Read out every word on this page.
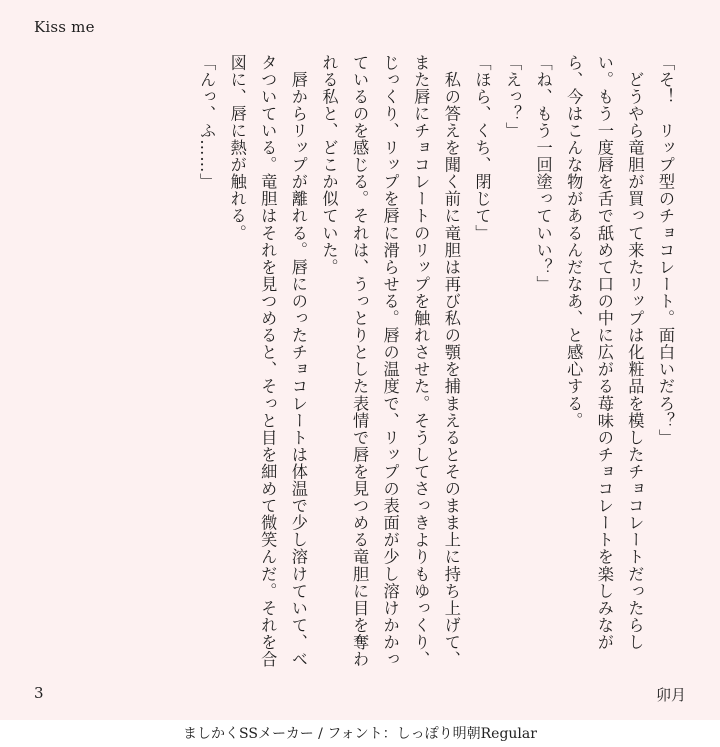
Kiss me
「そ！　リップ型のチョコレート。面白いだろ？」
　どうやら竜胆が買って来たリップは化粧品を模したチョコレートだったらしい。もう一度唇を舌で舐めて口の中に広がる苺味のチョコレートを楽しみながら、今はこんな物があるんだなあ、と感心する。
「ね、もう一回塗っていい？」
「えっ？」
「ほら、くち、閉じて」
　私の答えを聞く前に竜胆は再び私の顎を捕まえるとそのまま上に持ち上げて、また唇にチョコレートのリップを触れさせた。そうしてさっきよりもゆっくり、じっくり、リップを唇に滑らせる。唇の温度で、リップの表面が少し溶けかかっているのを感じる。それは、うっとりとした表情で唇を見つめる竜胆に目を奪われる私と、どこか似ていた。
　唇からリップが離れる。唇にのったチョコレートは体温で少し溶けていて、ベタついている。竜胆はそれを見つめると、そっと目を細めて微笑んだ。それを合図に、唇に熱が触れる。
「んっ、ふ……」
3	卯月
ましかくSSメーカー / フォント：しっぽり明朝Regular
